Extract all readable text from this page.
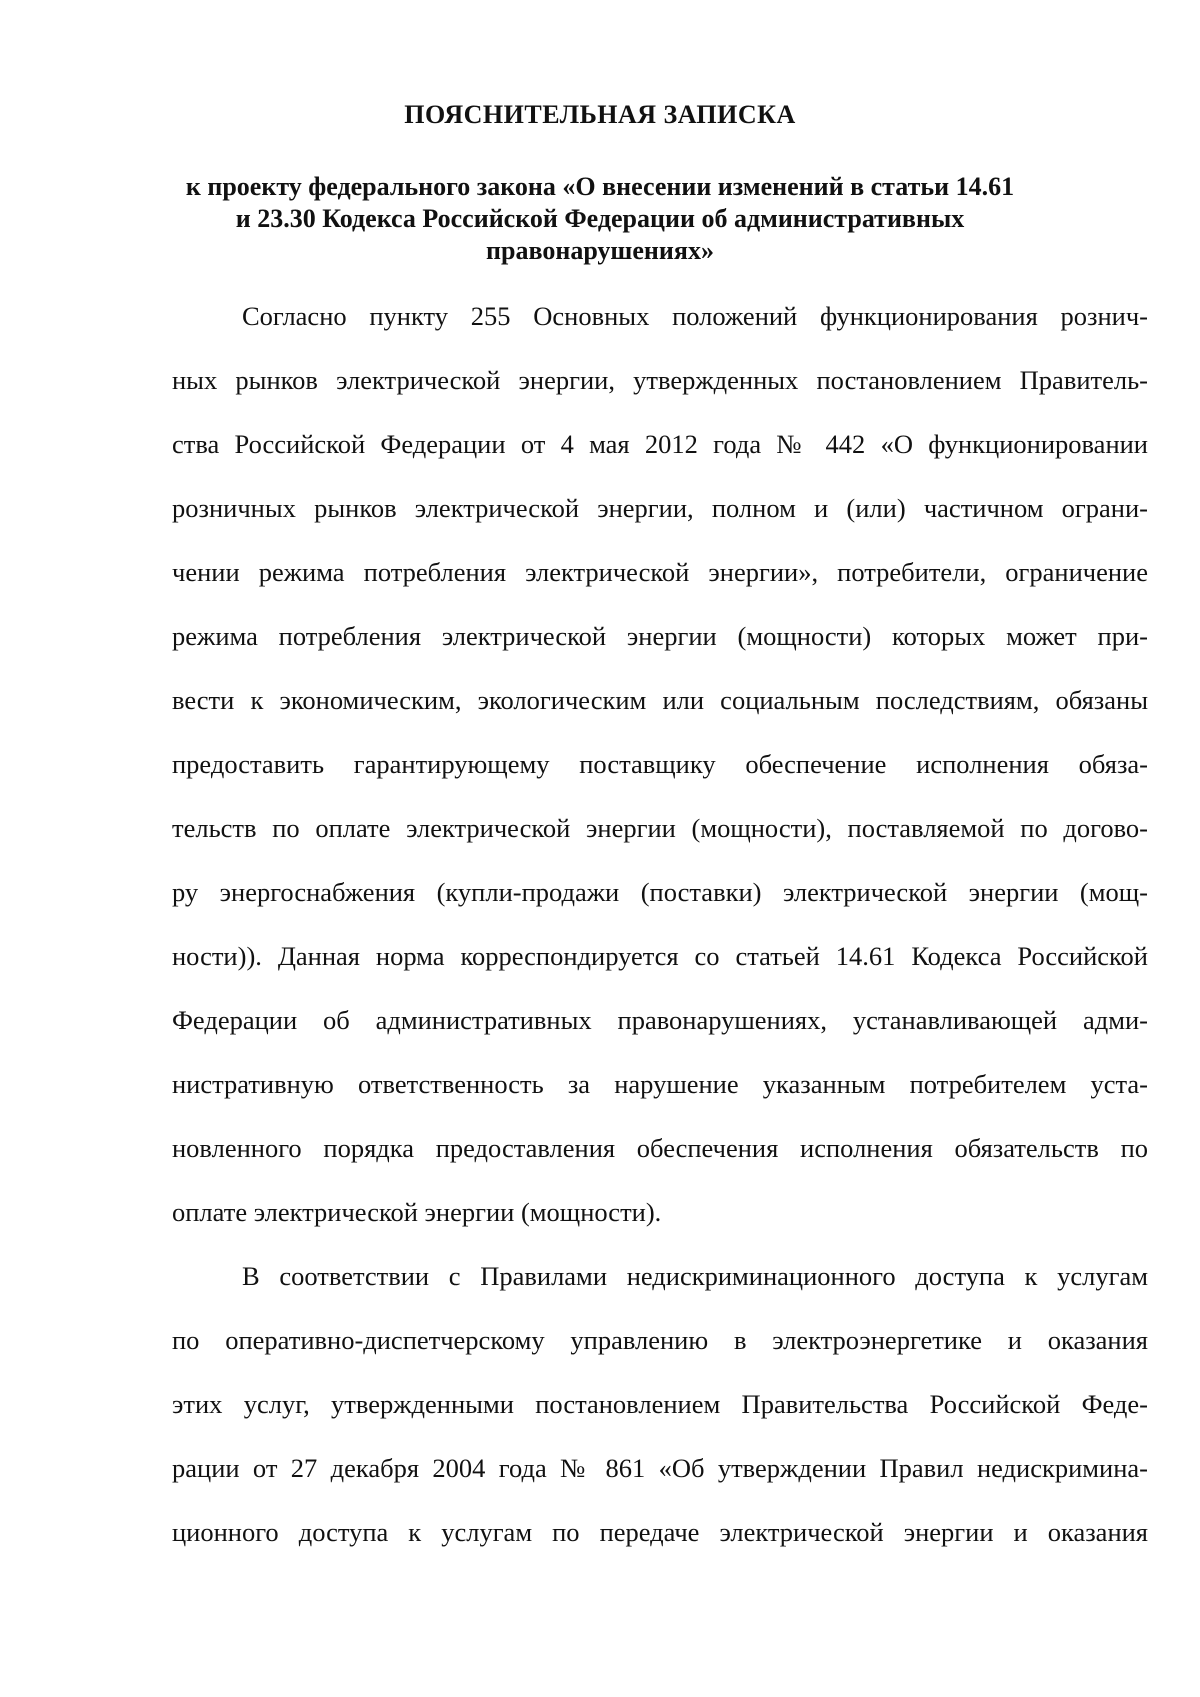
ПОЯСНИТЕЛЬНАЯ ЗАПИСКА
к проекту федерального закона «О внесении изменений в статьи 14.61
и 23.30 Кодекса Российской Федерации об административных
правонарушениях»
Согласно пункту 255 Основных положений функционирования рознич-
ных рынков электрической энергии, утвержденных постановлением Правитель-
ства Российской Федерации от 4 мая 2012 года № 442 «О функционировании
розничных рынков электрической энергии, полном и (или) частичном ограни-
чении режима потребления электрической энергии», потребители, ограничение
режима потребления электрической энергии (мощности) которых может при-
вести к экономическим, экологическим или социальным последствиям, обязаны
предоставить гарантирующему поставщику обеспечение исполнения обяза-
тельств по оплате электрической энергии (мощности), поставляемой по догово-
ру энергоснабжения (купли-продажи (поставки) электрической энергии (мощ-
ности)). Данная норма корреспондируется со статьей 14.61 Кодекса Российской
Федерации об административных правонарушениях, устанавливающей адми-
нистративную ответственность за нарушение указанным потребителем уста-
новленного порядка предоставления обеспечения исполнения обязательств по
оплате электрической энергии (мощности).
В соответствии с Правилами недискриминационного доступа к услугам
по оперативно-диспетчерскому управлению в электроэнергетике и оказания
этих услуг, утвержденными постановлением Правительства Российской Феде-
рации от 27 декабря 2004 года № 861 «Об утверждении Правил недискримина-
ционного доступа к услугам по передаче электрической энергии и оказания
